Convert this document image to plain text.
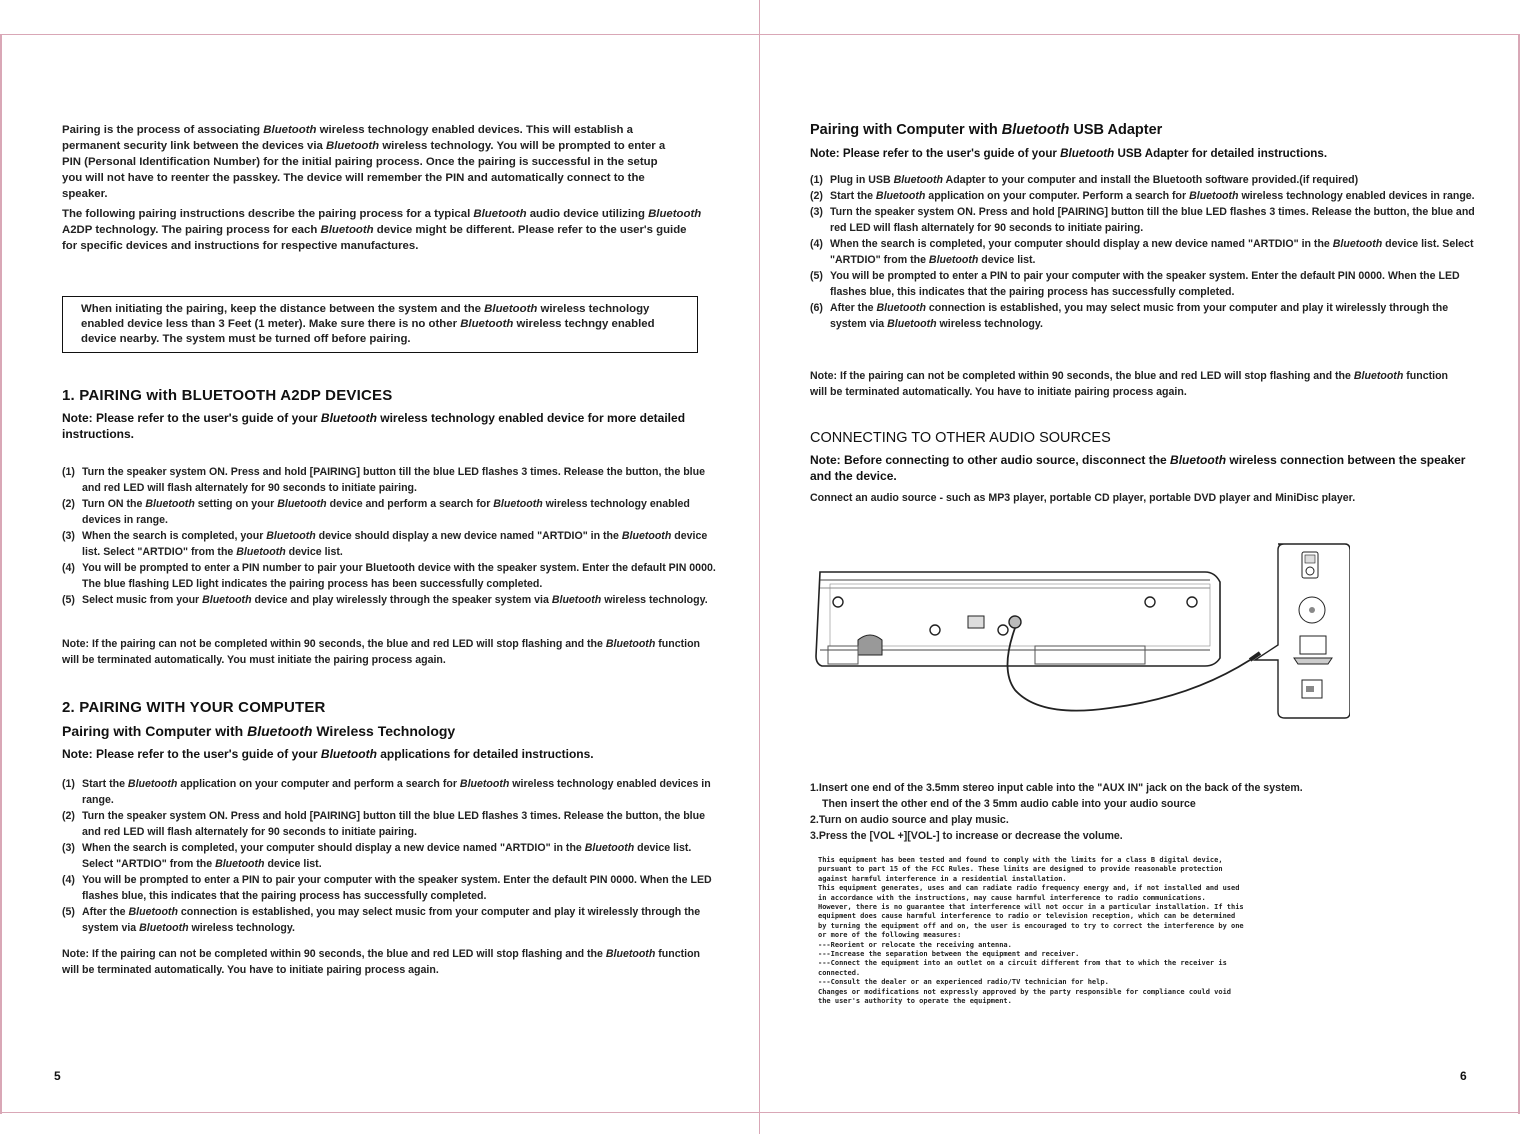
Pairing is the process of associating Bluetooth wireless technology enabled devices. This will establish a permanent security link between the devices via Bluetooth wireless technology. You will be prompted to enter a PIN (Personal Identification Number) for the initial pairing process. Once the pairing is successful in the setup you will not have to reenter the passkey. The device will remember the PIN and automatically connect to the speaker.

The following pairing instructions describe the pairing process for a typical Bluetooth audio device utilizing Bluetooth A2DP technology. The pairing process for each Bluetooth device might be different. Please refer to the user's guide for specific devices and instructions for respective manufactures.

When initiating the pairing, keep the distance between the system and the Bluetooth wireless technology enabled device less than 3 Feet (1 meter). Make sure there is no other Bluetooth wireless techngy enabled device nearby. The system must be turned off before pairing.
1. PAIRING with BLUETOOTH A2DP DEVICES

Note: Please refer to the user's guide of your Bluetooth wireless technology enabled device for more detailed instructions.

(1) Turn the speaker system ON. Press and hold [PAIRING] button till the blue LED flashes 3 times. Release the button, the blue and red LED will flash alternately for 90 seconds to initiate pairing.

(2) Turn ON the Bluetooth setting on your Bluetooth device and perform a search for Bluetooth wireless technology enabled devices in range.

(3) When the search is completed, your Bluetooth device should display a new device named "ARTDIO" in the Bluetooth device list. Select "ARTDIO" from the Bluetooth device list.

(4) You will be prompted to enter a PIN number to pair your Bluetooth device with the speaker system. Enter the default PIN 0000. The blue flashing LED light indicates the pairing process has been successfully completed.

(5) Select music from your Bluetooth device and play wirelessly through the speaker system via Bluetooth wireless technology.

Note: If the pairing can not be completed within 90 seconds, the blue and red LED will stop flashing and the Bluetooth function will be terminated automatically. You must initiate the pairing process again.

2. PAIRING WITH YOUR COMPUTER
Pairing with Computer with Bluetooth Wireless Technology

Note: Please refer to the user's guide of your Bluetooth applications for detailed instructions.

(1) Start the Bluetooth application on your computer and perform a search for Bluetooth wireless technology enabled devices in range.

(2) Turn the speaker system ON. Press and hold [PAIRING] button till the blue LED flashes 3 times. Release the button, the blue and red LED will flash alternately for 90 seconds to initiate pairing.

(3) When the search is completed, your computer should display a new device named "ARTDIO" in the Bluetooth device list. Select "ARTDIO" from the Bluetooth device list.

(4) You will be prompted to enter a PIN to pair your computer with the speaker system. Enter the default PIN 0000. When the LED flashes blue, this indicates that the pairing process has successfully completed.

(5) After the Bluetooth connection is established, you may select music from your computer and play it wirelessly through the system via Bluetooth wireless technology.

Note: If the pairing can not be completed within 90 seconds, the blue and red LED will stop flashing and the Bluetooth function will be terminated automatically. You have to initiate pairing process again.

5
Pairing with Computer with Bluetooth USB Adapter

Note: Please refer to the user's guide of your Bluetooth USB Adapter for detailed instructions.

(1) Plug in USB Bluetooth Adapter to your computer and install the Bluetooth software provided.(if required)

(2) Start the Bluetooth application on your computer. Perform a search for Bluetooth wireless technology enabled devices in range.

(3) Turn the speaker system ON. Press and hold [PAIRING] button till the blue LED flashes 3 times. Release the button, the blue and red LED will flash alternately for 90 seconds to initiate pairing.

(4) When the search is completed, your computer should display a new device named "ARTDIO" in the Bluetooth device list. Select "ARTDIO" from the Bluetooth device list.

(5) You will be prompted to enter a PIN to pair your computer with the speaker system. Enter the default PIN 0000. When the LED flashes blue, this indicates that the pairing process has successfully completed.

(6) After the Bluetooth connection is established, you may select music from your computer and play it wirelessly through the system via Bluetooth wireless technology.

Note: If the pairing can not be completed within 90 seconds, the blue and red LED will stop flashing and the Bluetooth function will be terminated automatically. You have to initiate pairing process again.

CONNECTING TO OTHER AUDIO SOURCES

Note: Before connecting to other audio source, disconnect the Bluetooth wireless connection between the speaker and the device.

Connect an audio source - such as MP3 player, portable CD player, portable DVD player and MiniDisc player.

1.Insert one end of the 3.5mm stereo input cable into the "AUX IN" jack on the back of the system.

Then insert the other end of the 3 5mm audio cable into your audio source

2.Turn on audio source and play music.

3.Press the [VOL +][VOL-] to increase or decrease the volume.

This equipment has been tested and found to comply with the limits for a class B digital device,
pursuant to part 15 of the FCC Rules. These limits are designed to provide reasonable protection
against harmful interference in a residential installation.
This equipment generates, uses and can radiate radio frequency energy and, if not installed and used
in accordance with the instructions, may cause harmful interference to radio communications.
However, there is no guarantee that interference will not occur in a particular installation. If this
equipment does cause harmful interference to radio or television reception, which can be determined
by turning the equipment off and on, the user is encouraged to try to correct the interference by one
or more of the following measures:
---Reorient or relocate the receiving antenna.
---Increase the separation between the equipment and receiver.
---Connect the equipment into an outlet on a circuit different from that to which the receiver is
connected.
---Consult the dealer or an experienced radio/TV technician for help.
Changes or modifications not expressly approved by the party responsible for compliance could void
the user's authority to operate the equipment.
6
